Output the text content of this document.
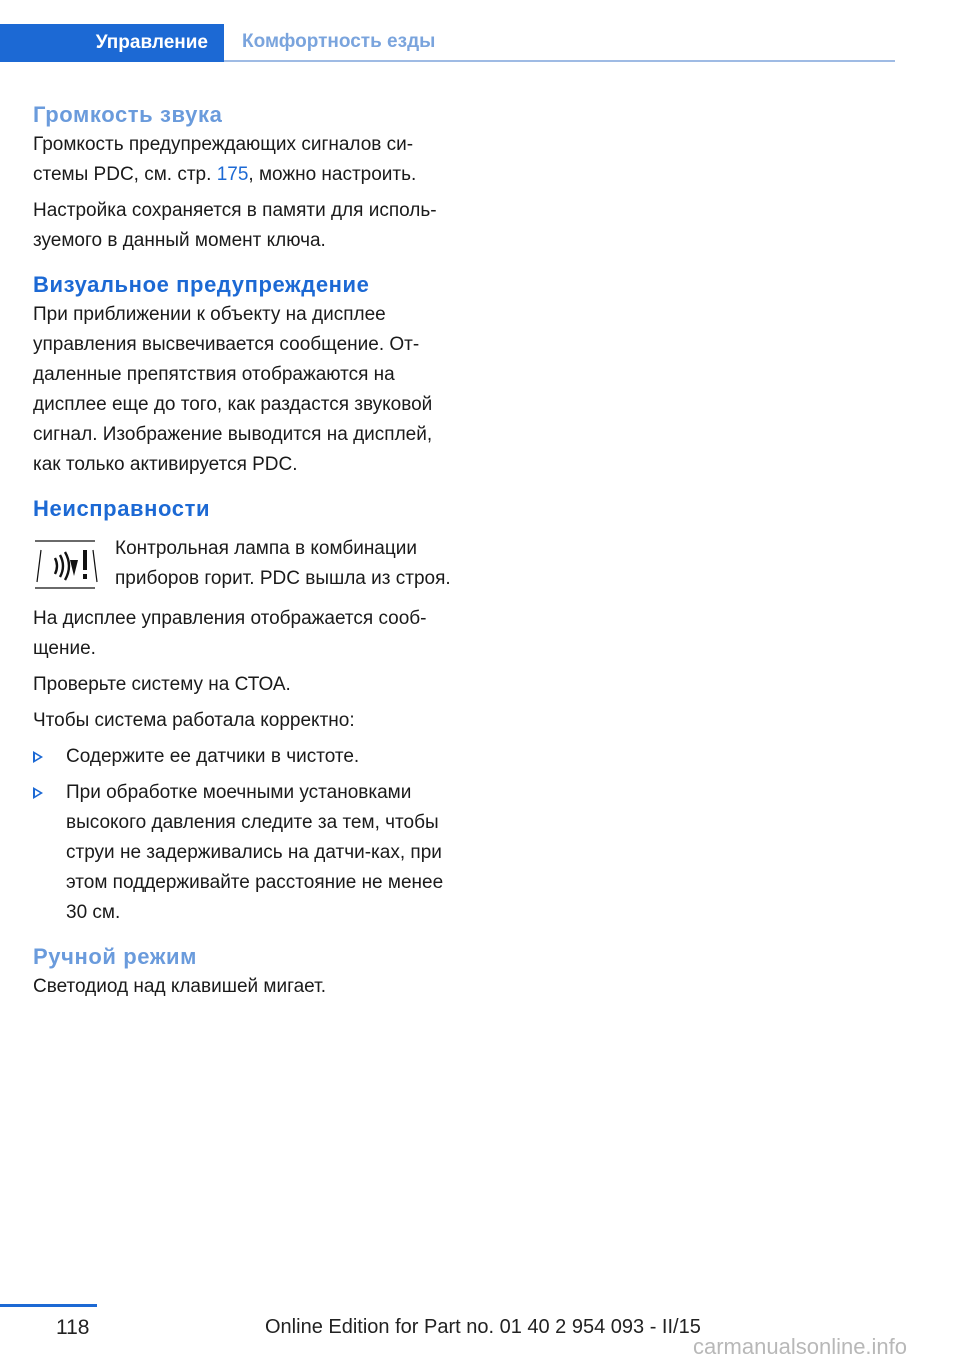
Управление	Комфортность езды
Громкость звука

Громкость предупреждающих сигналов си‐стемы PDC, см. стр. 175, можно настроить.

Настройка сохраняется в памяти для исполь‐зуемого в данный момент ключа.

Визуальное предупреждение

При приближении к объекту на дисплее управления высвечивается сообщение. От‐даленные препятствия отображаются на дисплее еще до того, как раздастся звуковой сигнал. Изображение выводится на дисплей, как только активируется PDC.

Неисправности
Контрольная лампа в комбинации приборов горит. PDC вышла из строя.

На дисплее управления отображается сооб‐щение.

Проверьте систему на СТОА.

Чтобы система работала корректно:

Содержите ее датчики в чистоте.
При обработке моечными установками высокого давления следите за тем, чтобы струи не задерживались на датчи‐ках, при этом поддерживайте расстояние не менее 30 см.
Ручной режим

Светодиод над клавишей мигает.

118	Online Edition for Part no. 01 40 2 954 093 - II/15
carmanualsonline.info
